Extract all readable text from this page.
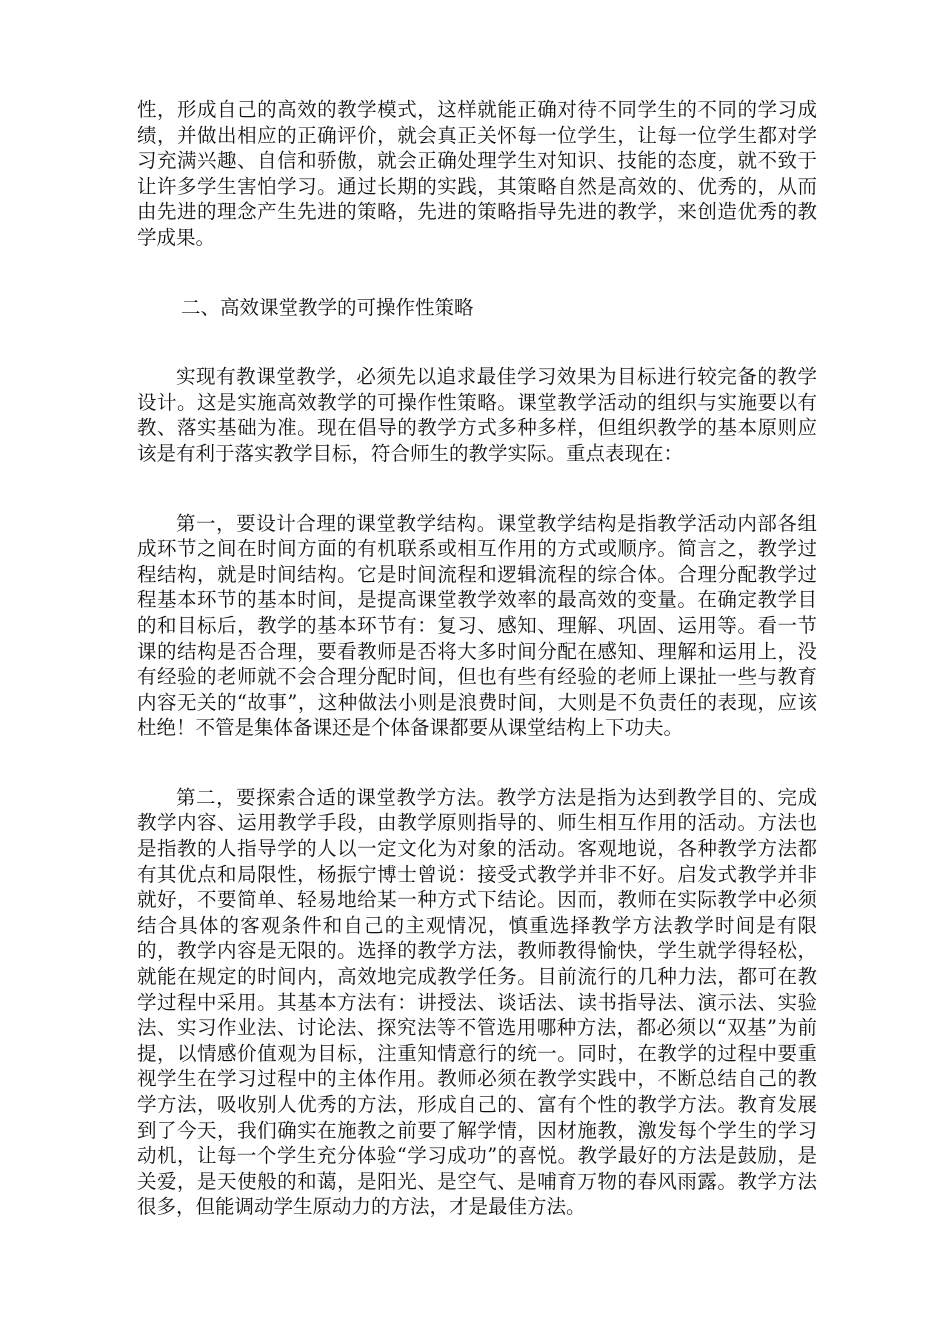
性，形成自己的高效的教学模式，这样就能正确对待不同学生的不同的学习成绩，并做出相应的正确评价，就会真正关怀每一位学生，让每一位学生都对学习充满兴趣、自信和骄傲，就会正确处理学生对知识、技能的态度，就不致于让许多学生害怕学习。通过长期的实践，其策略自然是高效的、优秀的，从而由先进的理念产生先进的策略，先进的策略指导先进的教学，来创造优秀的教学成果。

二、高效课堂教学的可操作性策略

实现有教课堂教学，必须先以追求最佳学习效果为目标进行较完备的教学设计。这是实施高效教学的可操作性策略。课堂教学活动的组织与实施要以有教、落实基础为准。现在倡导的教学方式多种多样，但组织教学的基本原则应该是有利于落实教学目标，符合师生的教学实际。重点表现在：

第一，要设计合理的课堂教学结构。课堂教学结构是指教学活动内部各组成环节之间在时间方面的有机联系或相互作用的方式或顺序。简言之，教学过程结构，就是时间结构。它是时间流程和逻辑流程的综合体。合理分配教学过程基本环节的基本时间，是提高课堂教学效率的最高效的变量。在确定教学目的和目标后，教学的基本环节有：复习、感知、理解、巩固、运用等。看一节课的结构是否合理，要看教师是否将大多时间分配在感知、理解和运用上，没有经验的老师就不会合理分配时间，但也有些有经验的老师上课扯一些与教育内容无关的“故事”，这种做法小则是浪费时间，大则是不负责任的表现，应该杜绝！不管是集体备课还是个体备课都要从课堂结构上下功夫。

第二，要探索合适的课堂教学方法。教学方法是指为达到教学目的、完成教学内容、运用教学手段，由教学原则指导的、师生相互作用的活动。方法也是指教的人指导学的人以一定文化为对象的活动。客观地说，各种教学方法都有其优点和局限性，杨振宁博士曾说：接受式教学并非不好。启发式教学并非就好，不要简单、轻易地给某一种方式下结论。因而，教师在实际教学中必须结合具体的客观条件和自己的主观情况，慎重选择教学方法教学时间是有限的，教学内容是无限的。选择的教学方法，教师教得愉快，学生就学得轻松，就能在规定的时间内，高效地完成教学任务。目前流行的几种力法，都可在教学过程中采用。其基本方法有：讲授法、谈话法、读书指导法、演示法、实验法、实习作业法、讨论法、探究法等不管选用哪种方法，都必须以“双基”为前提，以情感价值观为目标，注重知情意行的统一。同时，在教学的过程中要重视学生在学习过程中的主体作用。教师必须在教学实践中，不断总结自己的教学方法，吸收别人优秀的方法，形成自己的、富有个性的教学方法。教育发展到了今天，我们确实在施教之前要了解学情，因材施教，激发每个学生的学习动机，让每一个学生充分体验“学习成功”的喜悦。教学最好的方法是鼓励，是关爱，是天使般的和蔼，是阳光、是空气、是哺育万物的春风雨露。教学方法很多，但能调动学生原动力的方法，才是最佳方法。
